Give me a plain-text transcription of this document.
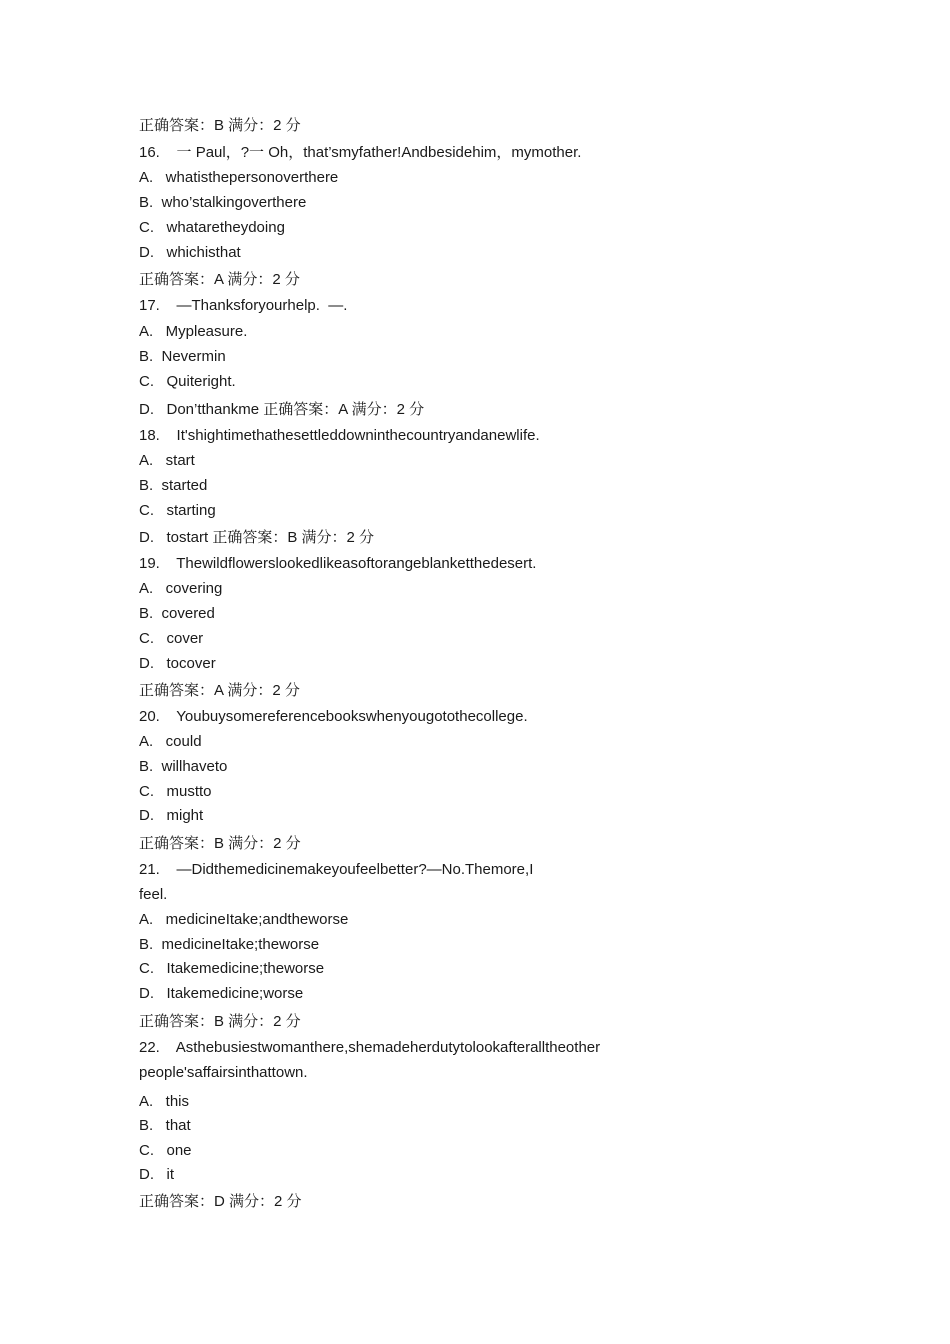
正确答案：B 满分：2 分
16.    一 Paul，?一 Oh，that’smyfather!Andbesidehim，mymother.
A.   whatisthepersonoverthere
B.  who’stalkingoverthere
C.   whataretheydoing
D.   whichisthat
正确答案：A 满分：2 分
17.    —Thanksforyourhelp.  —.
A.   Mypleasure.
B.  Nevermin
C.   Quiteright.
D.   Don’tthankme 正确答案：A 满分：2 分
18.    It'shightimethathesettleddowninthecountryandanewlife.
A.   start
B.  started
C.   starting
D.   tostart 正确答案：B 满分：2 分
19.    Thewildflowerslookedlikeasoftorangeblanketthedesert.
A.   covering
B.  covered
C.   cover
D.   tocover
正确答案：A 满分：2 分
20.    Youbuysomereferencebookswhenyougotothecollege.
A.   could
B.  willhaveto
C.   mustto
D.   might
正确答案：B 满分：2 分
21.    —Didthemedicinemakeyoufeelbetter?—No.Themore,I
feel.
A.   medicineItake;andtheworse
B.  medicineItake;theworse
C.   Itakemedicine;theworse
D.   Itakemedicine;worse
正确答案：B 满分：2 分
22.    Asthebusiestwomanthere,shemadeherdutytolookafteralltheother
people'saffairsinthattown.
A.   this
B.   that
C.   one
D.   it
正确答案：D 满分：2 分
